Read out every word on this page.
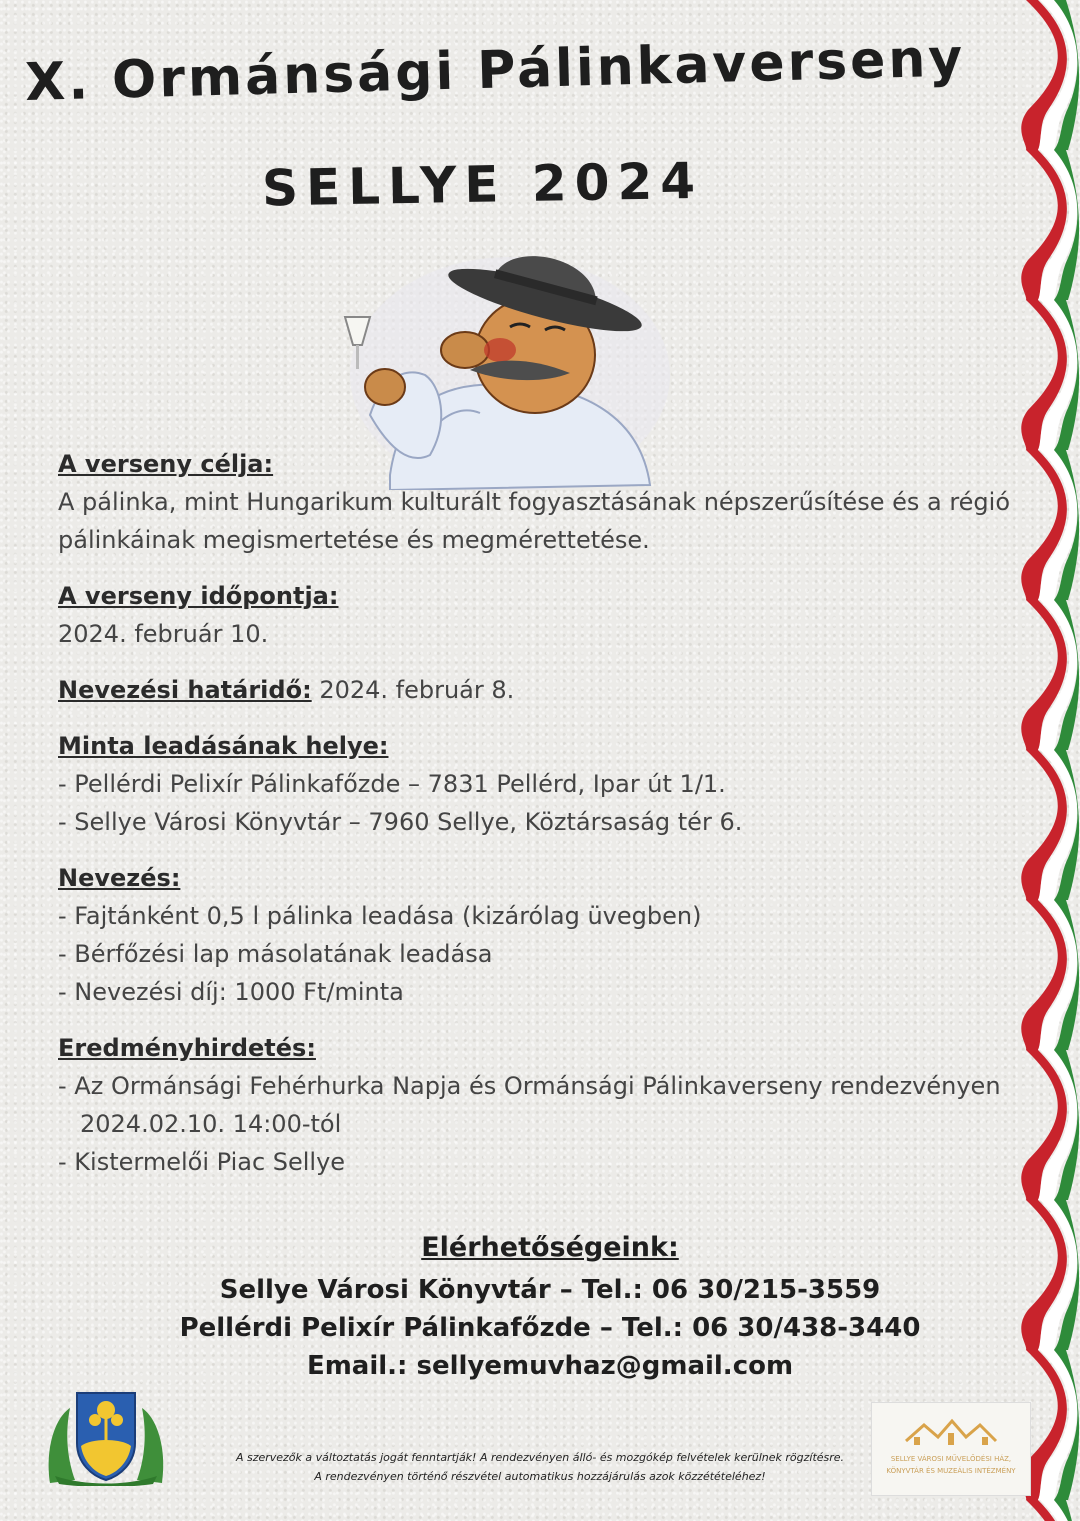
X. Ormánsági Pálinkaverseny
SELLYE 2024

A verseny célja:

A pálinka, mint Hungarikum kulturált fogyasztásának népszerűsítése és a régió

pálinkáinak megismertetése és megmérettetése.

A verseny időpontja:

2024. február 10.

Nevezési határidő: 2024. február 8.

Minta leadásának helye:

- Pellérdi Pelixír Pálinkafőzde – 7831 Pellérd, Ipar út 1/1.
- Sellye Városi Könyvtár – 7960 Sellye, Köztársaság tér 6.

Nevezés:

- Fajtánként 0,5 l pálinka leadása (kizárólag üvegben)
- Bérfőzési lap másolatának leadása
- Nevezési díj: 1000 Ft/minta

Eredményhirdetés:

- Az Ormánsági Fehérhurka Napja és Ormánsági Pálinkaverseny rendezvényen 2024.02.10. 14:00-tól
- Kistermelői Piac Sellye

Elérhetőségeink:

Sellye Városi Könyvtár – Tel.: 06 30/215-3559

Pellérdi Pelixír Pálinkafőzde – Tel.: 06 30/438-3440

Email.: sellyemuvhaz@gmail.com

A szervezők a változtatás jogát fenntartják! A rendezvényen álló- és mozgókép felvételek kerülnek rögzítésre.

A rendezvényen történő részvétel automatikus hozzájárulás azok közzétételéhez!

SELLYE VÁROSI MŰVELŐDÉSI HÁZ,
KÖNYVTÁR ÉS MUZEÁLIS INTÉZMÉNY
